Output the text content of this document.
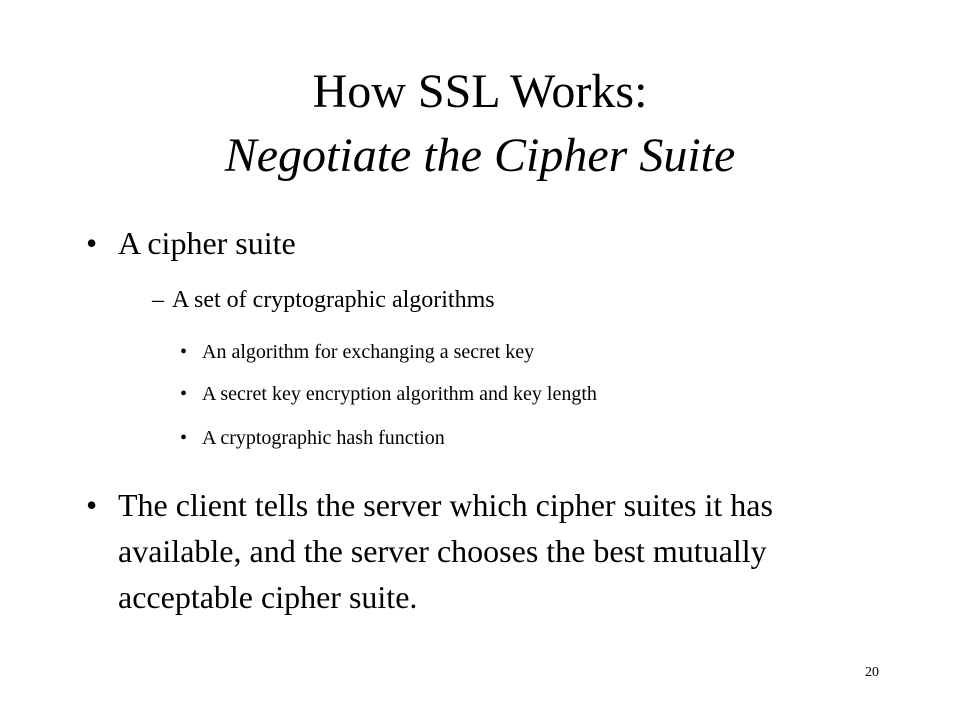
How SSL Works:
Negotiate the Cipher Suite
• A cipher suite
– A set of cryptographic algorithms
• An algorithm for exchanging a secret key
• A secret key encryption algorithm and key length
• A cryptographic hash function
• The client tells the server which cipher suites it has available, and the server chooses the best mutually acceptable cipher suite.
20
